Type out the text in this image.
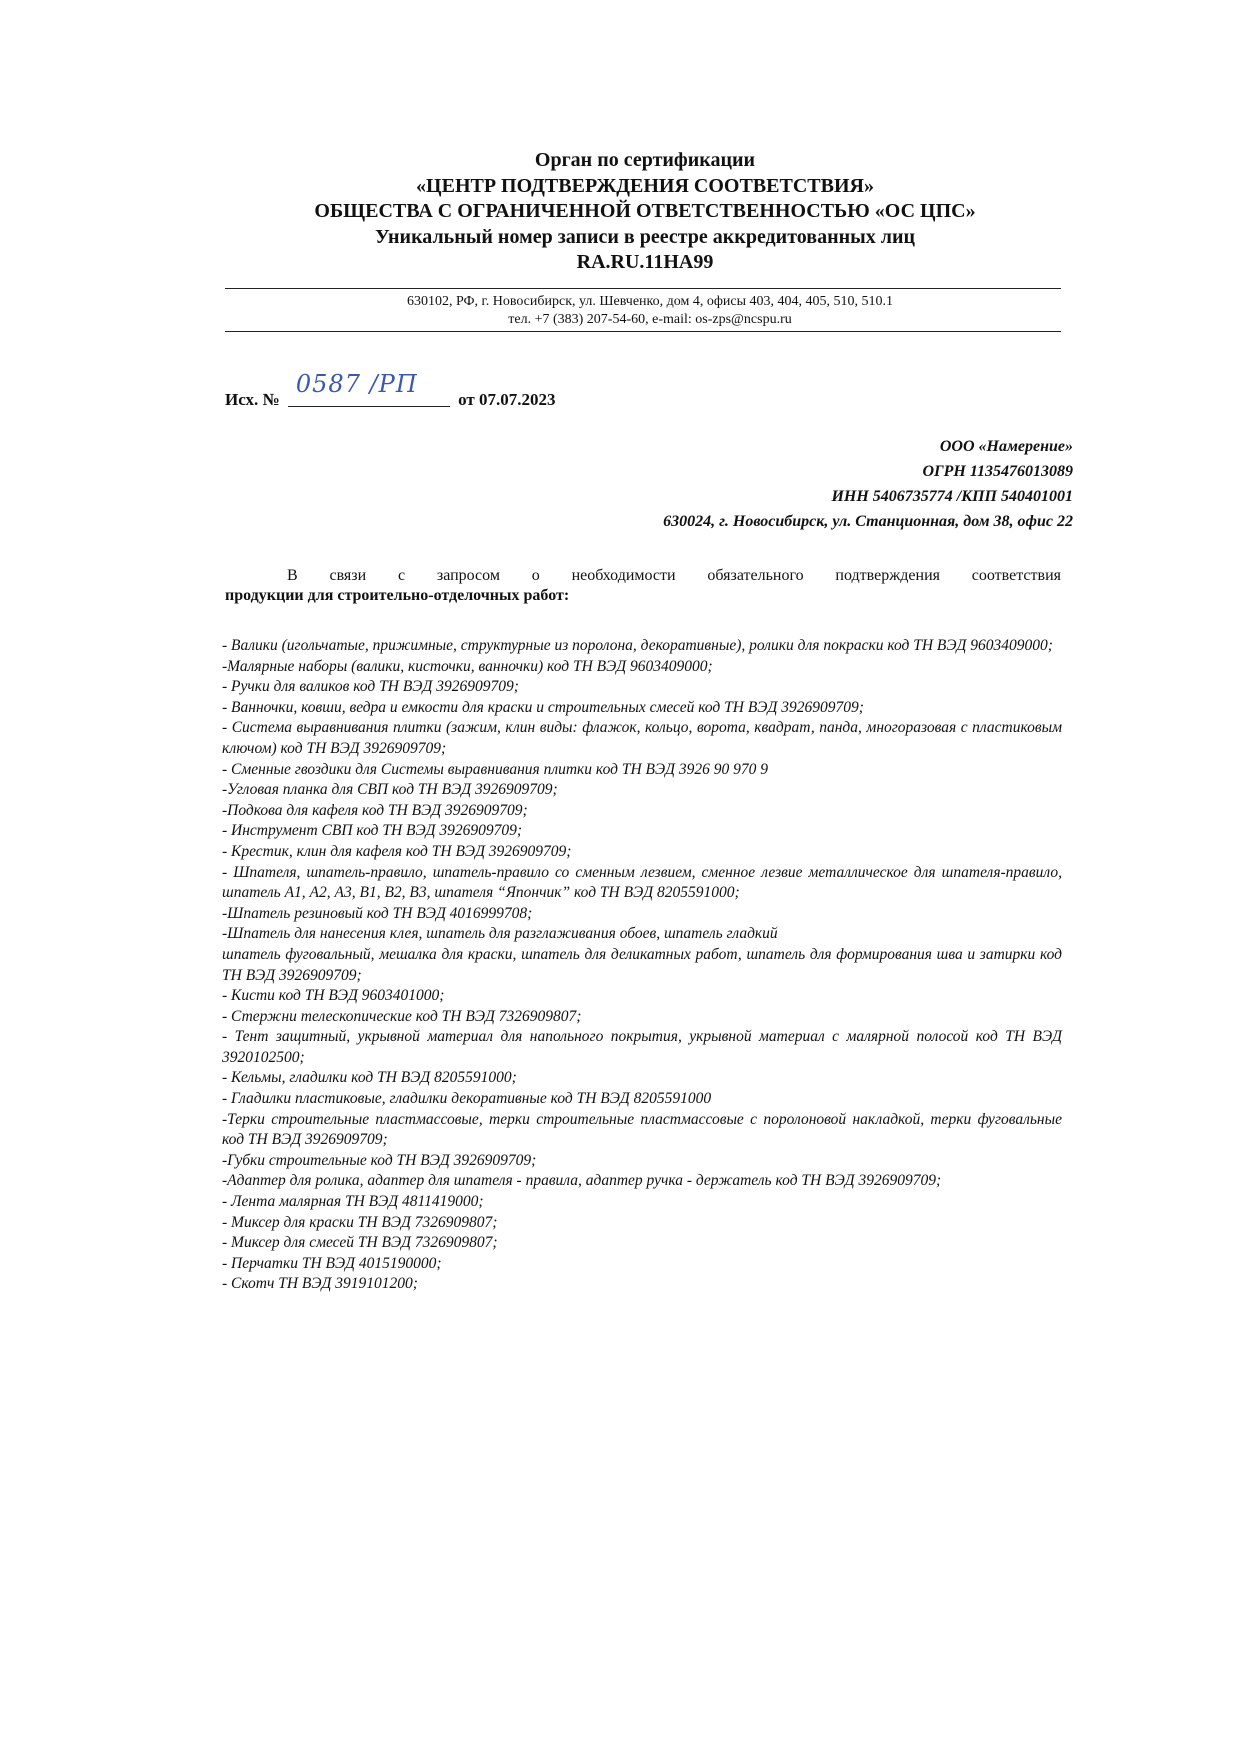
Орган по сертификации

«ЦЕНТР ПОДТВЕРЖДЕНИЯ СООТВЕТСТВИЯ»

ОБЩЕСТВА С ОГРАНИЧЕННОЙ ОТВЕТСТВЕННОСТЬЮ «ОС ЦПС»

Уникальный номер записи в реестре аккредитованных лиц

RA.RU.11НА99

630102, РФ, г. Новосибирск, ул. Шевченко, дом 4, офисы 403, 404, 405, 510, 510.1
тел. +7 (383) 207-54-60, e-mail: os-zps@ncspu.ru
Исх. №
0587 /РП
от 07.07.2023
ООО «Намерение»
ОГРН 1135476013089
ИНН 5406735774 /КПП 540401001
630024, г. Новосибирск, ул. Станционная, дом 38, офис 22
В связи с запросом о необходимости обязательного подтверждения соответствия
продукции для строительно-отделочных работ:

- Валики (игольчатые, прижимные, структурные из поролона, декоративные), ролики для покраски код ТН ВЭД 9603409000;

-Малярные наборы (валики, кисточки, ванночки) код ТН ВЭД 9603409000;

- Ручки для валиков код ТН ВЭД 3926909709;

- Ванночки, ковши, ведра и емкости для краски и строительных смесей код ТН ВЭД 3926909709;

- Система выравнивания плитки (зажим, клин виды: флажок, кольцо, ворота, квадрат, панда, многоразовая с пластиковым ключом) код ТН ВЭД 3926909709;

- Сменные гвоздики для Системы выравнивания плитки код ТН ВЭД 3926 90 970 9

-Угловая планка для СВП код ТН ВЭД 3926909709;

-Подкова для кафеля код ТН ВЭД 3926909709;

- Инструмент СВП код ТН ВЭД 3926909709;

- Крестик, клин для кафеля код ТН ВЭД 3926909709;

- Шпателя, шпатель-правило, шпатель-правило со сменным лезвием, сменное лезвие металлическое для шпателя-правило, шпатель А1, А2, А3, В1, В2, В3, шпателя “Япончик” код ТН ВЭД 8205591000;

-Шпатель резиновый код ТН ВЭД 4016999708;

-Шпатель для нанесения клея, шпатель для разглаживания обоев, шпатель гладкий

шпатель фуговальный, мешалка для краски, шпатель для деликатных работ, шпатель для формирования шва и затирки код ТН ВЭД 3926909709;

- Кисти код ТН ВЭД 9603401000;

- Стержни телескопические код ТН ВЭД 7326909807;

- Тент защитный, укрывной материал для напольного покрытия, укрывной материал с малярной полосой код ТН ВЭД 3920102500;

- Кельмы, гладилки код ТН ВЭД 8205591000;

- Гладилки пластиковые, гладилки декоративные код ТН ВЭД 8205591000

-Терки строительные пластмассовые, терки строительные пластмассовые с поролоновой накладкой, терки фуговальные код ТН ВЭД 3926909709;

-Губки строительные код ТН ВЭД 3926909709;

-Адаптер для ролика, адаптер для шпателя - правила, адаптер ручка - держатель код ТН ВЭД 3926909709;

- Лента малярная ТН ВЭД 4811419000;

- Миксер для краски ТН ВЭД 7326909807;

- Миксер для смесей ТН ВЭД 7326909807;

- Перчатки ТН ВЭД 4015190000;

- Скотч ТН ВЭД 3919101200;
